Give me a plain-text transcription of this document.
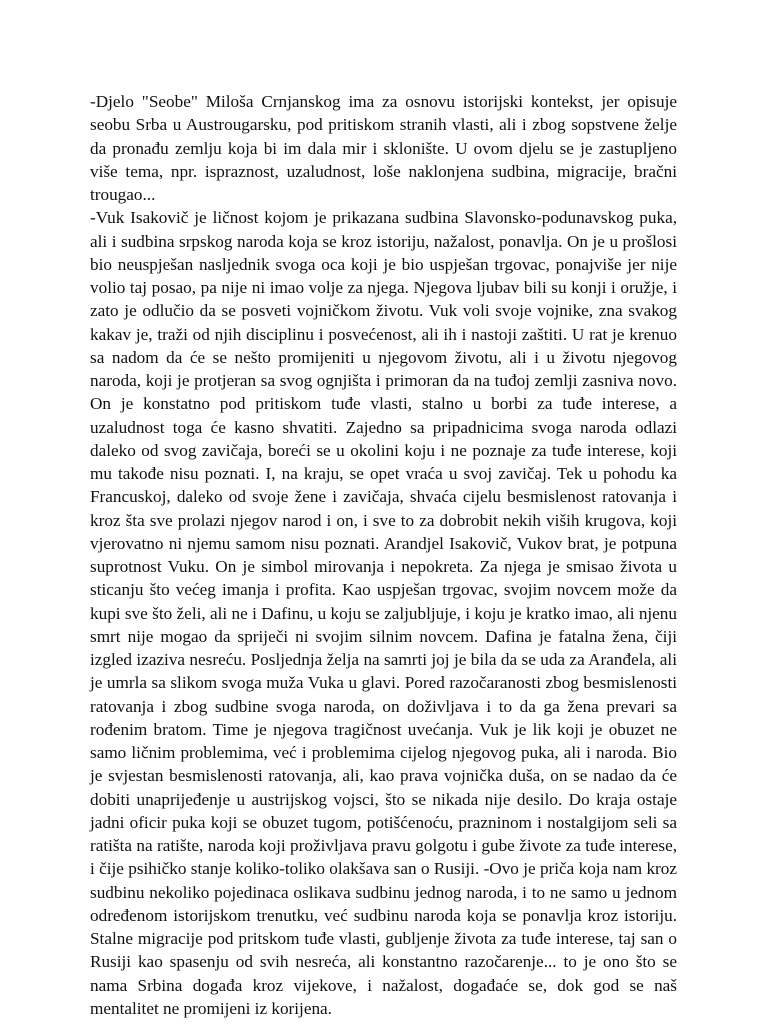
-Djelo "Seobe" Miloša Crnjanskog ima za osnovu istorijski kontekst, jer opisuje seobu Srba u Austrougarsku, pod pritiskom stranih vlasti, ali i zbog sopstvene želje da pronađu zemlju koja bi im dala mir i sklonište. U ovom djelu se je zastupljeno više tema, npr. ispraznost, uzaludnost, loše naklonjena sudbina, migracije, bračni trougao...

-Vuk Isakovič je ličnost kojom je prikazana sudbina Slavonsko-podunavskog puka, ali i sudbina srpskog naroda koja se kroz istoriju, nažalost, ponavlja. On je u prošlosi bio neuspješan nasljednik svoga oca koji je bio uspješan trgovac, ponajviše jer nije volio taj posao, pa nije ni imao volje za njega. Njegova ljubav bili su konji i oružje, i zato je odlučio da se posveti vojničkom životu. Vuk voli svoje vojnike, zna svakog kakav je, traži od njih disciplinu i posvećenost, ali ih i nastoji zaštiti. U rat je krenuo sa nadom da će se nešto promijeniti u njegovom životu, ali i u životu njegovog naroda, koji je protjeran sa svog ognjišta i primoran da na tuđoj zemlji zasniva novo. On je konstatno pod pritiskom tuđe vlasti, stalno u borbi za tuđe interese, a uzaludnost toga će kasno shvatiti. Zajedno sa pripadnicima svoga naroda odlazi daleko od svog zavičaja, boreći se u okolini koju i ne poznaje za tuđe interese, koji mu takođe nisu poznati. I, na kraju, se opet vraća u svoj zavičaj. Tek u pohodu ka Francuskoj, daleko od svoje žene i zavičaja, shvaća cijelu besmislenost ratovanja i kroz šta sve prolazi njegov narod i on, i sve to za dobrobit nekih viših krugova, koji vjerovatno ni njemu samom nisu poznati. Arandjel Isakovič, Vukov brat, je potpuna suprotnost Vuku. On je simbol mirovanja i nepokreta. Za njega je smisao života u sticanju što većeg imanja i profita. Kao uspješan trgovac, svojim novcem može da kupi sve što želi, ali ne i Dafinu, u koju se zaljubljuje, i koju je kratko imao, ali njenu smrt nije mogao da spriječi ni svojim silnim novcem. Dafina je fatalna žena, čiji izgled izaziva nesreću. Posljednja želja na samrti joj je bila da se uda za Aranđela, ali je umrla sa slikom svoga muža Vuka u glavi. Pored razočaranosti zbog besmislenosti ratovanja i zbog sudbine svoga naroda, on doživljava i to da ga žena prevari sa rođenim bratom. Time je njegova tragičnost uvećanja. Vuk je lik koji je obuzet ne samo ličnim problemima, već i problemima cijelog njegovog puka, ali i naroda. Bio je svjestan besmislenosti ratovanja, ali, kao prava vojnička duša, on se nadao da će dobiti unaprijeđenje u austrijskog vojsci, što se nikada nije desilo. Do kraja ostaje jadni oficir puka koji se obuzet tugom, potišćenoću, prazninom i nostalgijom seli sa ratišta na ratište, naroda koji proživljava pravu golgotu i gube živote za tuđe interese, i čije psihičko stanje koliko-toliko olakšava san o Rusiji. -Ovo je priča koja nam kroz sudbinu nekoliko pojedinaca oslikava sudbinu jednog naroda, i to ne samo u jednom određenom istorijskom trenutku, već sudbinu naroda koja se ponavlja kroz istoriju. Stalne migracije pod pritskom tuđe vlasti, gubljenje života za tuđe interese, taj san o Rusiji kao spasenju od svih nesreća, ali konstantno razočarenje... to je ono što se nama Srbina događa kroz vijekove, i nažalost, događaće se, dok god se naš mentalitet ne promijeni iz korijena.
